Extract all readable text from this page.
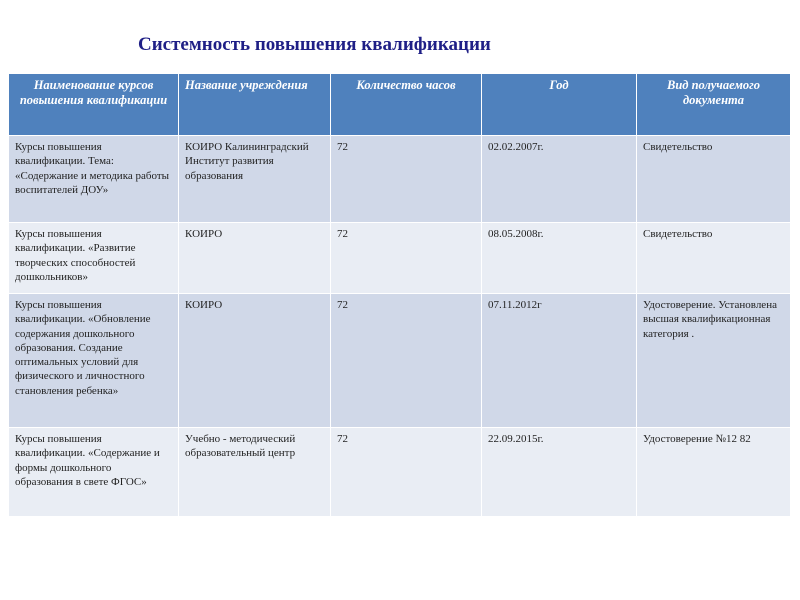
Системность повышения квалификации
Наименование курсов повышения квалификации	Название учреждения	Количество часов	Год	Вид получаемого документа
Курсы повышения квалификации. Тема: «Содержание и методика работы воспитателей ДОУ»	КОИРО Калининградский Институт развития образования	72	02.02.2007г.	Свидетельство
Курсы повышения квалификации. «Развитие творческих способностей дошкольников»	КОИРО	72	08.05.2008г.	Свидетельство
Курсы повышения квалификации. «Обновление содержания дошкольного образования. Создание оптимальных условий для физического и личностного становления ребенка»	КОИРО	72	07.11.2012г	Удостоверение. Установлена высшая квалификационная категория .
Курсы повышения квалификации. «Содержание и формы дошкольного образования в свете ФГОС»	Учебно - методический образовательный центр	72	22.09.2015г.	Удостоверение №12 82
